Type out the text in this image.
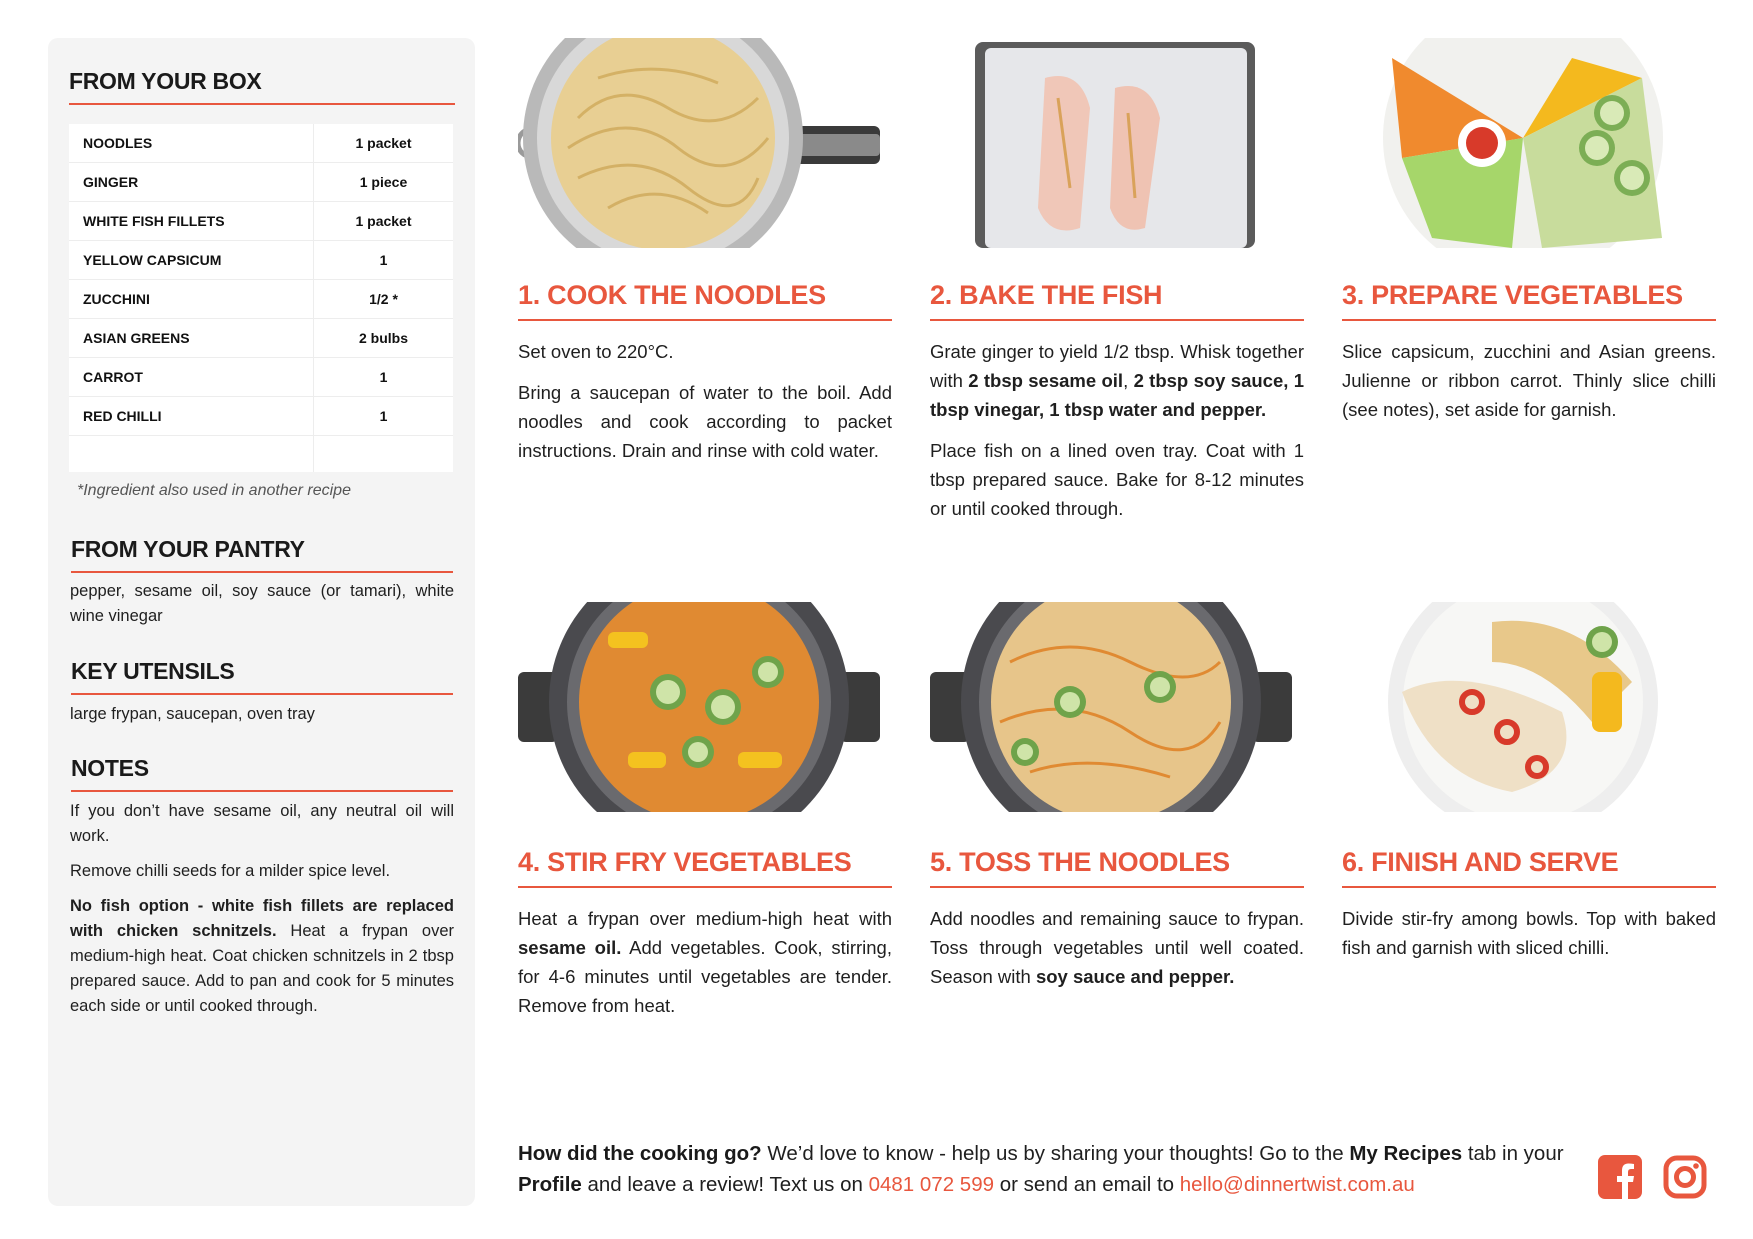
FROM YOUR BOX
NOODLES	1 packet
GINGER	1 piece
WHITE FISH FILLETS	1 packet
YELLOW CAPSICUM	1
ZUCCHINI	1/2 *
ASIAN GREENS	2 bulbs
CARROT	1
RED CHILLI	1

*Ingredient also used in another recipe
FROM YOUR PANTRY
pepper, sesame oil, soy sauce (or tamari), white wine vinegar
KEY UTENSILS
large frypan, saucepan, oven tray
NOTES

If you don’t have sesame oil, any neutral oil will work.

Remove chilli seeds for a milder spice level.

No fish option - white fish fillets are replaced with chicken schnitzels. Heat a frypan over medium-high heat. Coat chicken schnitzels in 2 tbsp prepared sauce. Add to pan and cook for 5 minutes each side or until cooked through.

1. COOK THE NOODLES

Set oven to 220°C.

Bring a saucepan of water to the boil. Add noodles and cook according to packet instructions. Drain and rinse with cold water.

2. BAKE THE FISH

Grate ginger to yield 1/2 tbsp. Whisk together with 2 tbsp sesame oil, 2 tbsp soy sauce, 1 tbsp vinegar, 1 tbsp water and pepper.

Place fish on a lined oven tray. Coat with 1 tbsp prepared sauce. Bake for 8-12 minutes or until cooked through.

3. PREPARE VEGETABLES

Slice capsicum, zucchini and Asian greens. Julienne or ribbon carrot. Thinly slice chilli (see notes), set aside for garnish.

4. STIR FRY VEGETABLES

Heat a frypan over medium-high heat with sesame oil. Add vegetables. Cook, stirring, for 4-6 minutes until vegetables are tender. Remove from heat.

5. TOSS THE NOODLES

Add noodles and remaining sauce to frypan. Toss through vegetables until well coated. Season with soy sauce and pepper.

6. FINISH AND SERVE

Divide stir-fry among bowls. Top with baked fish and garnish with sliced chilli.

How did the cooking go? We’d love to know - help us by sharing your thoughts! Go to the My Recipes tab in your Profile and leave a review! Text us on 0481 072 599 or send an email to hello@dinnertwist.com.au
